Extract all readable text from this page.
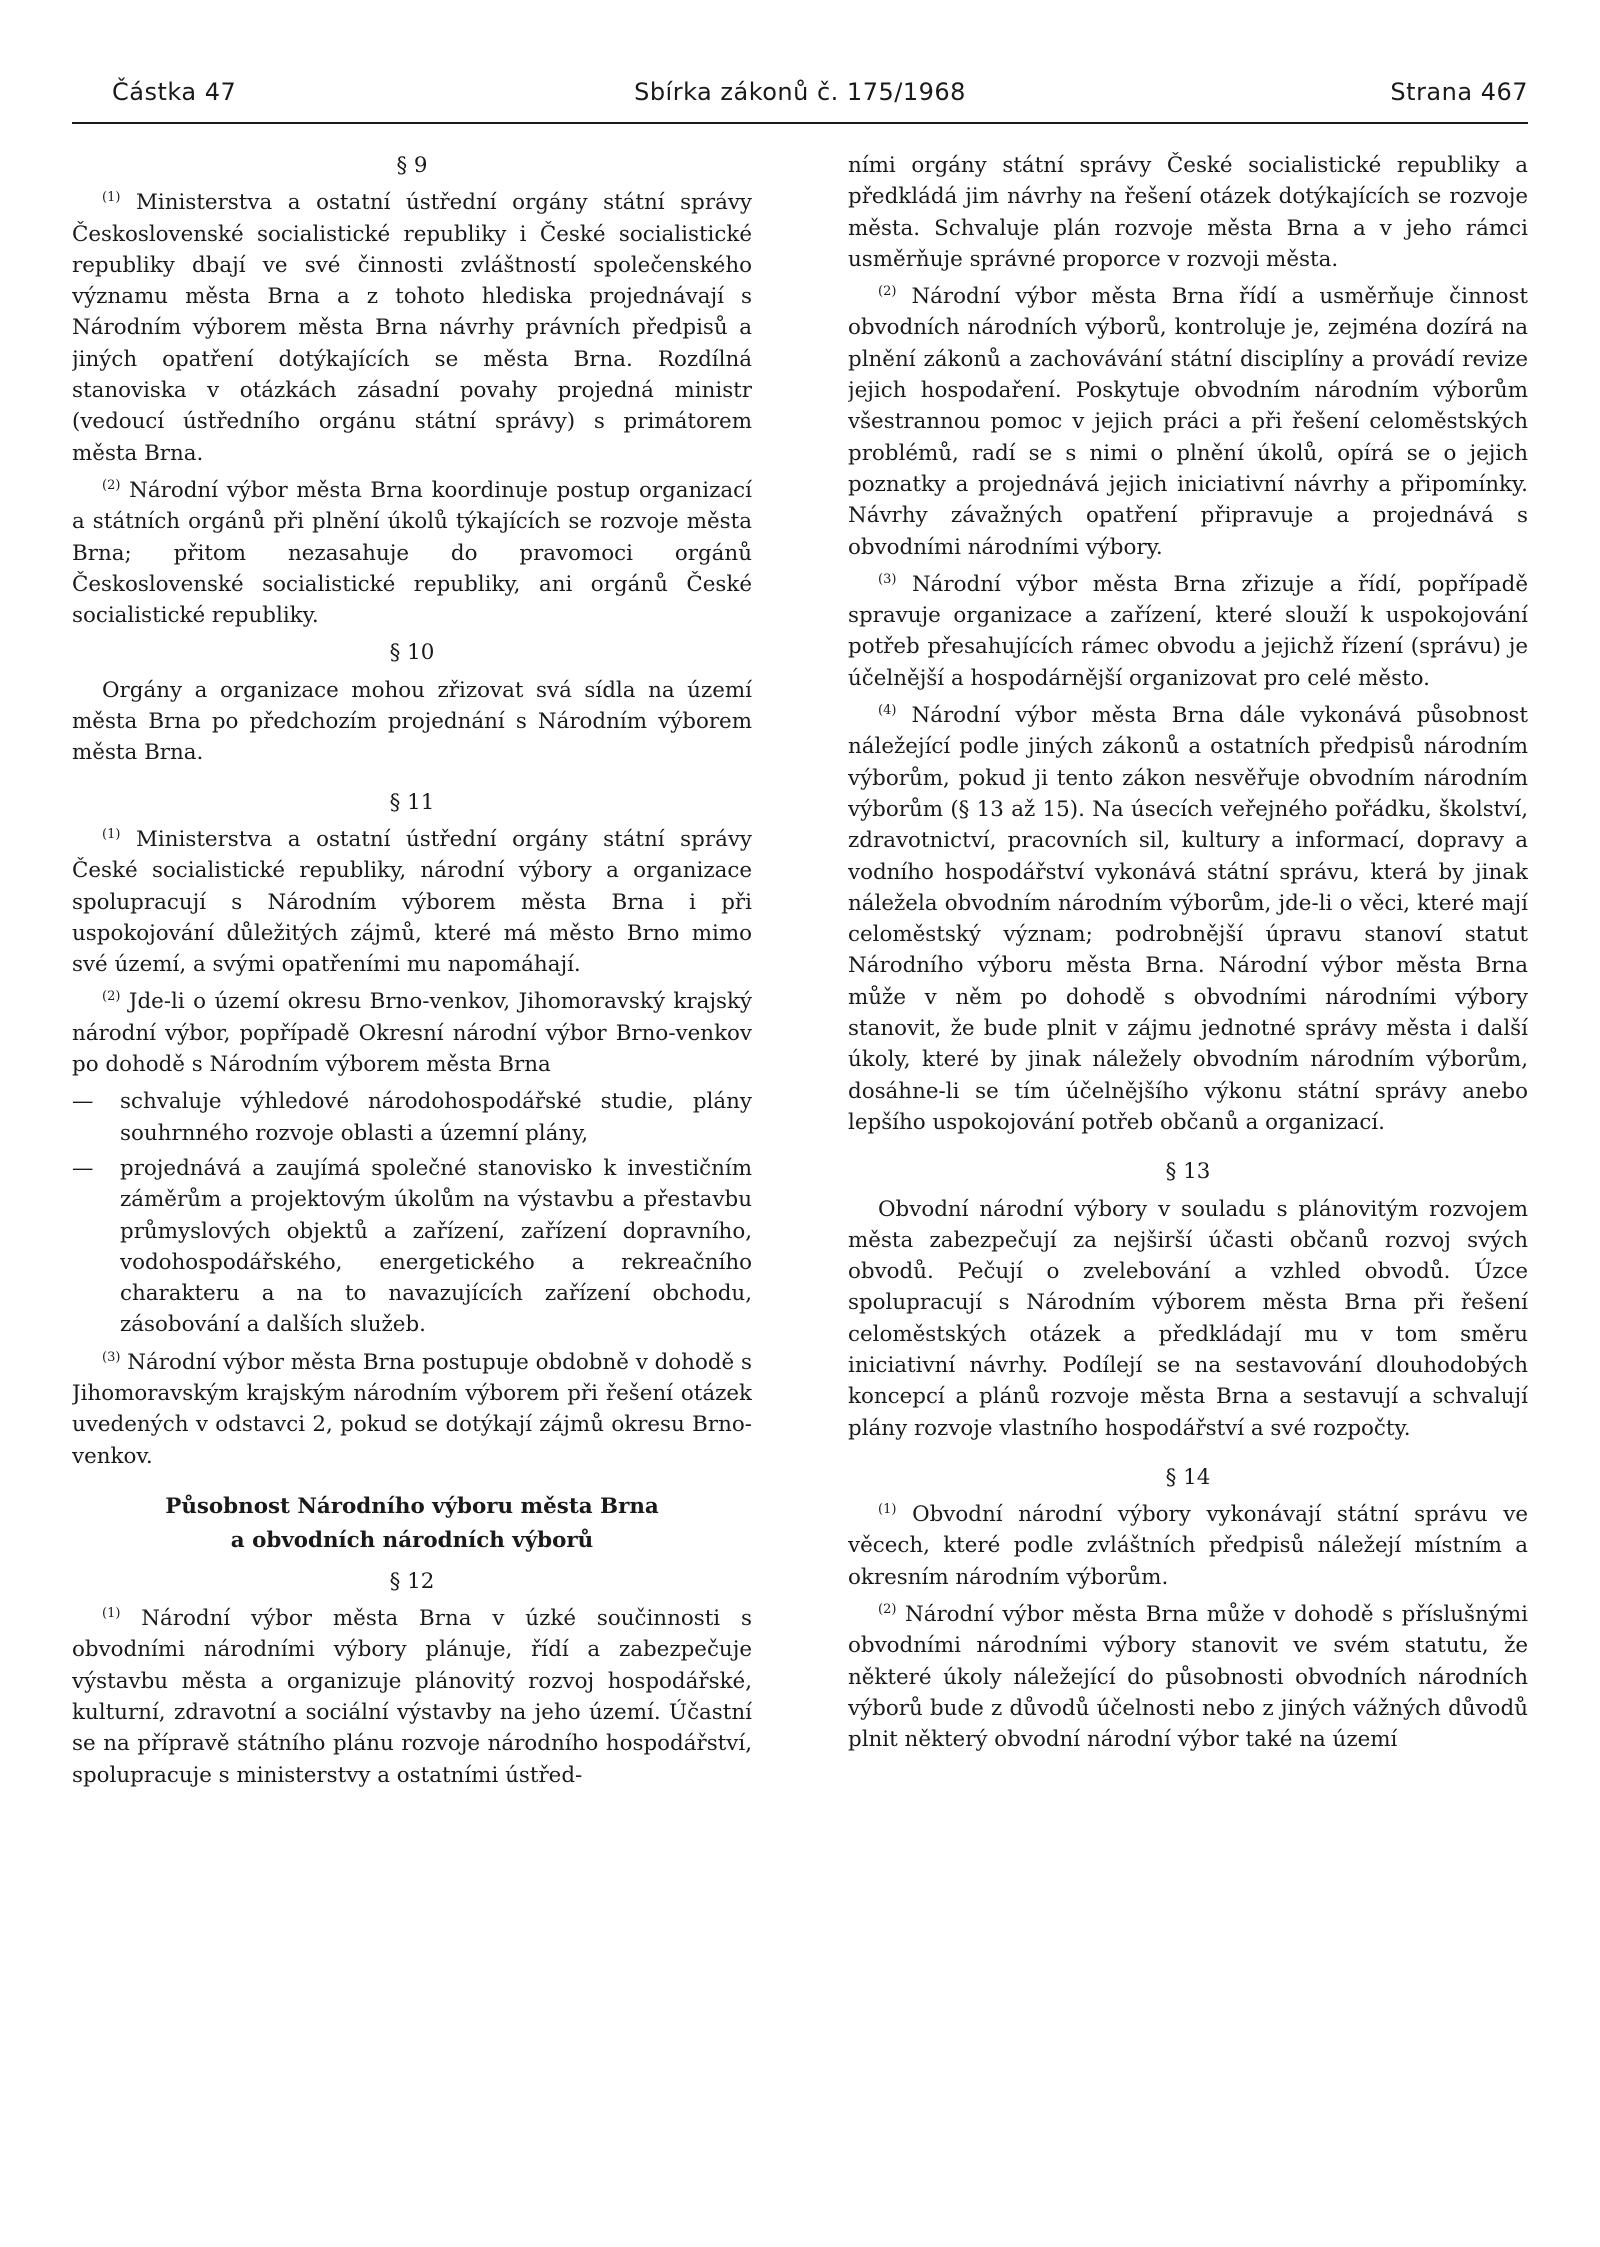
Částka 47	Sbírka zákonů č. 175/1968	Strana 467
§ 9

$^{(1)}$ Ministerstva a ostatní ústřední orgány státní správy Československé socialistické republiky i České socialistické republiky dbají ve své činnosti zvláštností společenského významu města Brna a z tohoto hlediska projednávají s Národním výborem města Brna návrhy právních předpisů a jiných opatření dotýkajících se města Brna. Rozdílná stanoviska v otázkách zásadní povahy projedná ministr (vedoucí ústředního orgánu státní správy) s primátorem města Brna.

$^{(2)}$ Národní výbor města Brna koordinuje postup organizací a státních orgánů při plnění úkolů týkajících se rozvoje města Brna; přitom nezasahuje do pravomoci orgánů Československé socialistické republiky, ani orgánů České socialistické republiky.

§ 10

Orgány a organizace mohou zřizovat svá sídla na území města Brna po předchozím projednání s Národním výborem města Brna.

§ 11

$^{(1)}$ Ministerstva a ostatní ústřední orgány státní správy České socialistické republiky, národní výbory a organizace spolupracují s Národním výborem města Brna i při uspokojování důležitých zájmů, které má město Brno mimo své území, a svými opatřeními mu napomáhají.

$^{(2)}$ Jde-li o území okresu Brno-venkov, Jihomoravský krajský národní výbor, popřípadě Okresní národní výbor Brno-venkov po dohodě s Národním výborem města Brna

— schvaluje výhledové národohospodářské studie, plány souhrnného rozvoje oblasti a územní plány,
— projednává a zaujímá společné stanovisko k investičním záměrům a projektovým úkolům na výstavbu a přestavbu průmyslových objektů a zařízení, zařízení dopravního, vodohospodářského, energetického a rekreačního charakteru a na to navazujících zařízení obchodu, zásobování a dalších služeb.

$^{(3)}$ Národní výbor města Brna postupuje obdobně v dohodě s Jihomoravským krajským národním výborem při řešení otázek uvedených v odstavci 2, pokud se dotýkají zájmů okresu Brno-venkov.

Působnost Národního výboru města Brna
a obvodních národních výborů
§ 12

$^{(1)}$ Národní výbor města Brna v úzké součinnosti s obvodními národními výbory plánuje, řídí a zabezpečuje výstavbu města a organizuje plánovitý rozvoj hospodářské, kulturní, zdravotní a sociální výstavby na jeho území. Účastní se na přípravě státního plánu rozvoje národního hospodářství, spolupracuje s ministerstvy a ostatními ústřed-

ními orgány státní správy České socialistické republiky a předkládá jim návrhy na řešení otázek dotýkajících se rozvoje města. Schvaluje plán rozvoje města Brna a v jeho rámci usměrňuje správné proporce v rozvoji města.

$^{(2)}$ Národní výbor města Brna řídí a usměrňuje činnost obvodních národních výborů, kontroluje je, zejména dozírá na plnění zákonů a zachovávání státní disciplíny a provádí revize jejich hospodaření. Poskytuje obvodním národním výborům všestrannou pomoc v jejich práci a při řešení celoměstských problémů, radí se s nimi o plnění úkolů, opírá se o jejich poznatky a projednává jejich iniciativní návrhy a připomínky. Návrhy závažných opatření připravuje a projednává s obvodními národními výbory.

$^{(3)}$ Národní výbor města Brna zřizuje a řídí, popřípadě spravuje organizace a zařízení, které slouží k uspokojování potřeb přesahujících rámec obvodu a jejichž řízení (správu) je účelnější a hospodárnější organizovat pro celé město.

$^{(4)}$ Národní výbor města Brna dále vykonává působnost náležející podle jiných zákonů a ostatních předpisů národním výborům, pokud ji tento zákon nesvěřuje obvodním národním výborům (§ 13 až 15). Na úsecích veřejného pořádku, školství, zdravotnictví, pracovních sil, kultury a informací, dopravy a vodního hospodářství vykonává státní správu, která by jinak náležela obvodním národním výborům, jde-li o věci, které mají celoměstský význam; podrobnější úpravu stanoví statut Národního výboru města Brna. Národní výbor města Brna může v něm po dohodě s obvodními národními výbory stanovit, že bude plnit v zájmu jednotné správy města i další úkoly, které by jinak náležely obvodním národním výborům, dosáhne-li se tím účelnějšího výkonu státní správy anebo lepšího uspokojování potřeb občanů a organizací.

§ 13

Obvodní národní výbory v souladu s plánovitým rozvojem města zabezpečují za nejširší účasti občanů rozvoj svých obvodů. Pečují o zvelebování a vzhled obvodů. Úzce spolupracují s Národním výborem města Brna při řešení celoměstských otázek a předkládají mu v tom směru iniciativní návrhy. Podílejí se na sestavování dlouhodobých koncepcí a plánů rozvoje města Brna a sestavují a schvalují plány rozvoje vlastního hospodářství a své rozpočty.

§ 14

$^{(1)}$ Obvodní národní výbory vykonávají státní správu ve věcech, které podle zvláštních předpisů náležejí místním a okresním národním výborům.

$^{(2)}$ Národní výbor města Brna může v dohodě s příslušnými obvodními národními výbory stanovit ve svém statutu, že některé úkoly náležející do působnosti obvodních národních výborů bude z důvodů účelnosti nebo z jiných vážných důvodů plnit některý obvodní národní výbor také na území
